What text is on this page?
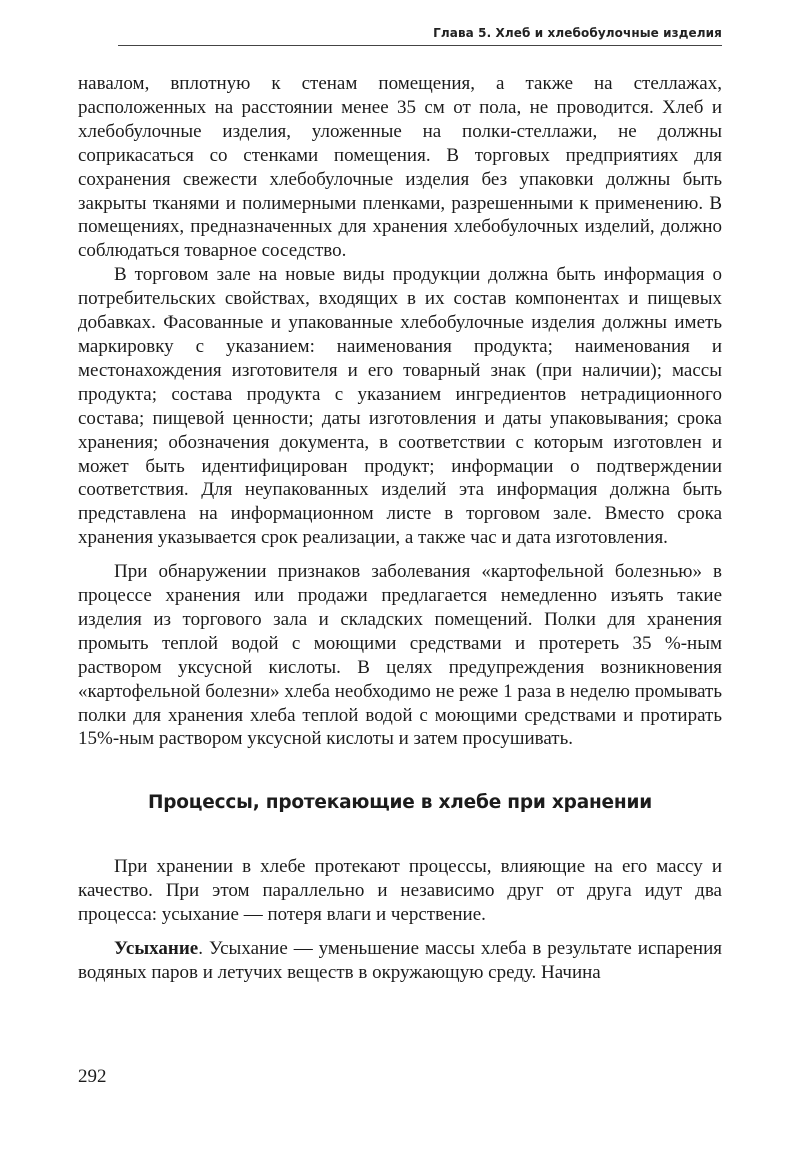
Глава 5. Хлеб и хлебобулочные изделия

навалом, вплотную к стенам помещения, а также на стеллажах, расположенных на расстоянии менее 35 см от пола, не проводится. Хлеб и хлебобулочные изделия, уложенные на полки-стеллажи, не должны соприкасаться со стенками помещения. В торговых предприятиях для сохранения свежести хлебобулочные изделия без упаковки должны быть закрыты тканями и полимерными пленками, разрешенными к применению. В помещениях, предназначенных для хранения хлебобулочных изделий, должно соблюдаться товарное соседство.

В торговом зале на новые виды продукции должна быть информация о потребительских свойствах, входящих в их состав компонентах и пищевых добавках. Фасованные и упакованные хлебобулочные изделия должны иметь маркировку с указанием: наименования продукта; наименования и местонахождения изготовителя и его товарный знак (при наличии); массы продукта; состава продукта с указанием ингредиентов нетрадиционного состава; пищевой ценности; даты изготовления и даты упаковывания; срока хранения; обозначения документа, в соответствии с которым изготовлен и может быть идентифицирован продукт; информации о подтверждении соответствия. Для неупакованных изделий эта информация должна быть представлена на информационном листе в торговом зале. Вместо срока хранения указывается срок реализации, а также час и дата изготовления.

При обнаружении признаков заболевания «картофельной болезнью» в процессе хранения или продажи предлагается немедленно изъять такие изделия из торгового зала и складских помещений. Полки для хранения промыть теплой водой с моющими средствами и протереть 35 %-ным раствором уксусной кислоты. В целях предупреждения возникновения «картофельной болезни» хлеба необходимо не реже 1 раза в неделю промывать полки для хранения хлеба теплой водой с моющими средствами и протирать 15%-ным раствором уксусной кислоты и затем просушивать.

Процессы, протекающие в хлебе при хранении

При хранении в хлебе протекают процессы, влияющие на его массу и качество. При этом параллельно и независимо друг от друга идут два процесса: усыхание — потеря влаги и черствение.

Усыхание. Усыхание — уменьшение массы хлеба в результате испарения водяных паров и летучих веществ в окружающую среду. Начина

292
